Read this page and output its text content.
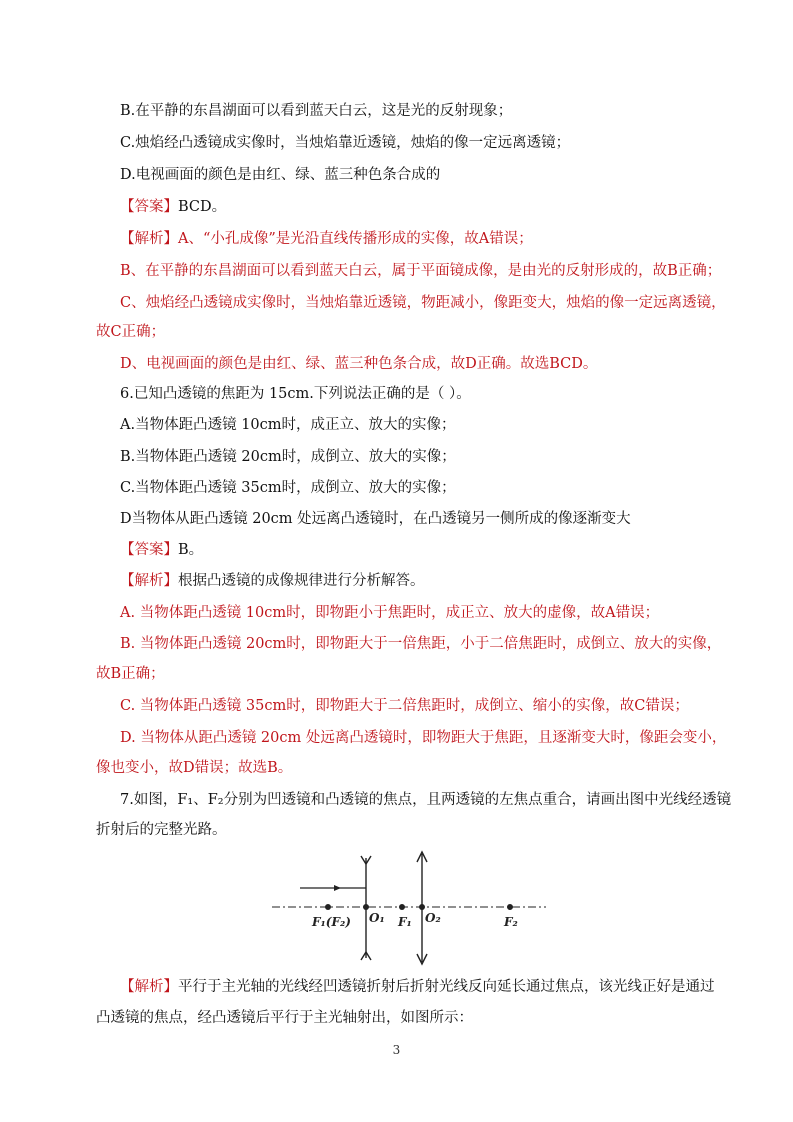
B.在平静的东昌湖面可以看到蓝天白云，这是光的反射现象；
C.烛焰经凸透镜成实像时，当烛焰靠近透镜，烛焰的像一定远离透镜；
D.电视画面的颜色是由红、绿、蓝三种色条合成的
【答案】BCD。
【解析】A、“小孔成像”是光沿直线传播形成的实像，故A错误；
B、在平静的东昌湖面可以看到蓝天白云，属于平面镜成像，是由光的反射形成的，故B正确；
C、烛焰经凸透镜成实像时，当烛焰靠近透镜，物距减小，像距变大，烛焰的像一定远离透镜，
故C正确；
D、电视画面的颜色是由红、绿、蓝三种色条合成，故D正确。故选BCD。
6.已知凸透镜的焦距为 15cm.下列说法正确的是（ ）。
A.当物体距凸透镜 10cm时，成正立、放大的实像；
B.当物体距凸透镜 20cm时，成倒立、放大的实像；
C.当物体距凸透镜 35cm时，成倒立、放大的实像；
D当物体从距凸透镜 20cm 处远离凸透镜时，在凸透镜另一侧所成的像逐渐变大
【答案】B。
【解析】根据凸透镜的成像规律进行分析解答。
A. 当物体距凸透镜 10cm时，即物距小于焦距时，成正立、放大的虚像，故A错误；
B. 当物体距凸透镜 20cm时，即物距大于一倍焦距，小于二倍焦距时，成倒立、放大的实像，
故B正确；
C. 当物体距凸透镜 35cm时，即物距大于二倍焦距时，成倒立、缩小的实像，故C错误；
D. 当物体从距凸透镜 20cm 处远离凸透镜时，即物距大于焦距，且逐渐变大时，像距会变小，
像也变小，故D错误；故选B。
7.如图，F₁、F₂分别为凹透镜和凸透镜的焦点，且两透镜的左焦点重合，请画出图中光线经透镜
折射后的完整光路。
F₁(F₂) O₁ F₁ O₂	F₂
【解析】平行于主光轴的光线经凹透镜折射后折射光线反向延长通过焦点，该光线正好是通过
凸透镜的焦点，经凸透镜后平行于主光轴射出，如图所示：
3
